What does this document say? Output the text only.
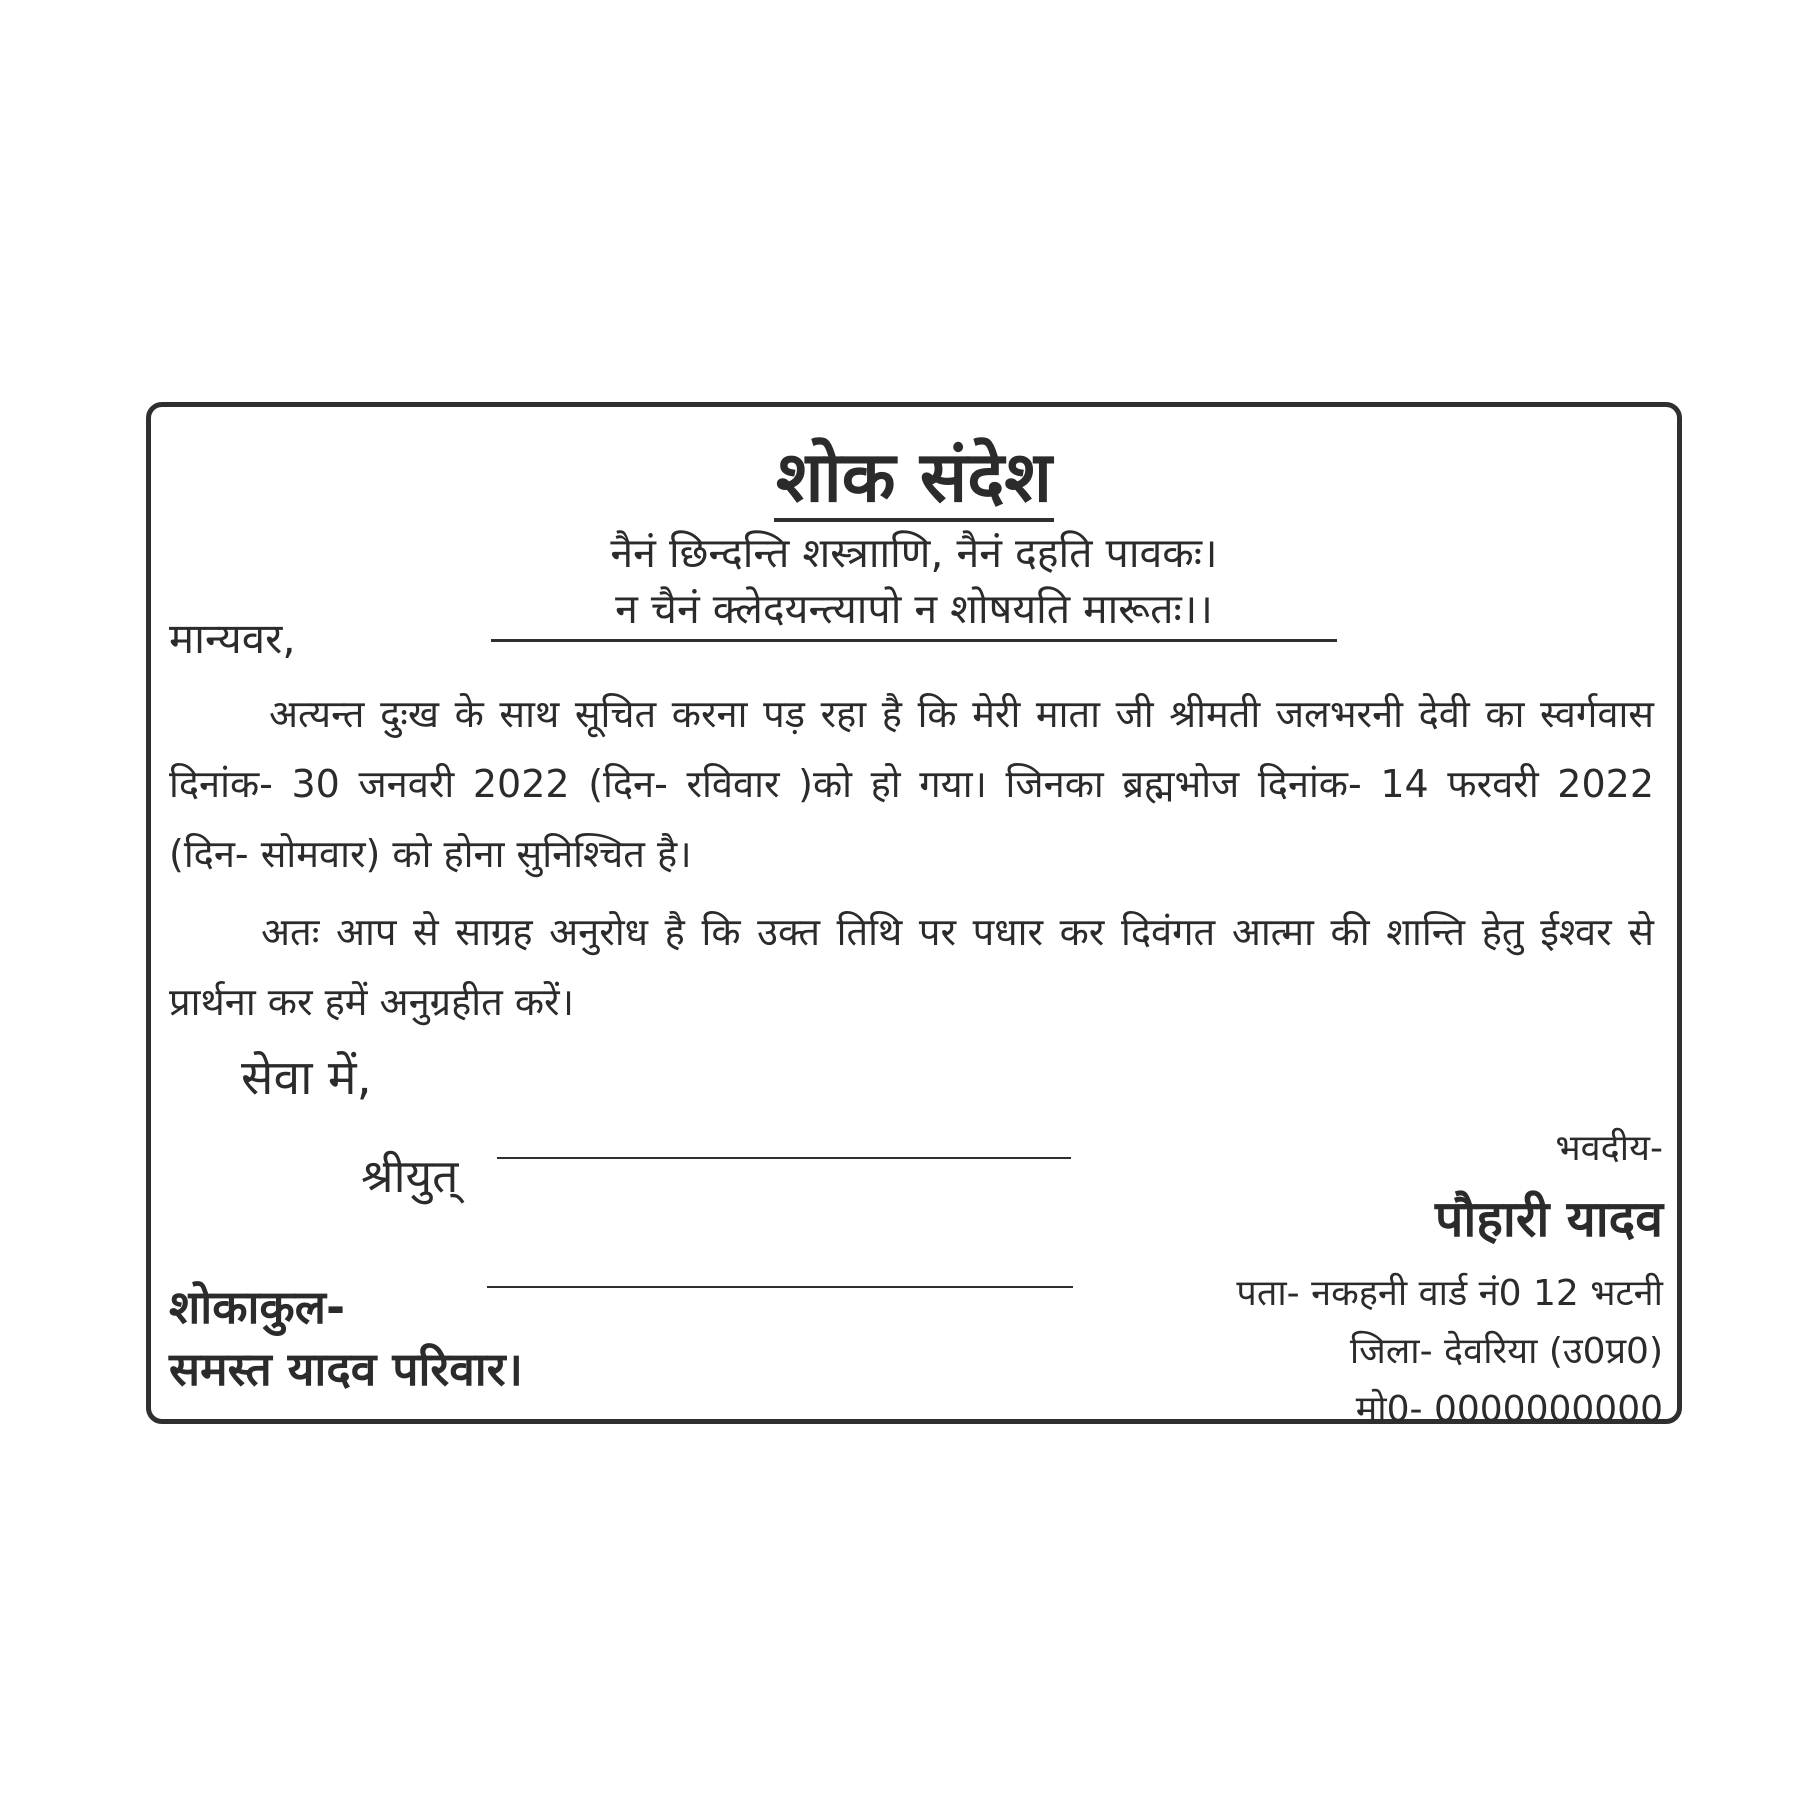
शोक संदेश
नैनं छिन्दन्ति शस्त्रााणि, नैनं दहति पावकः।
न चैनं क्लेदयन्त्यापो न शोषयति मारूतः।।
मान्यवर,
अत्यन्त दुःख के साथ सूचित करना पड़ रहा है कि मेरी माता जी श्रीमती जलभरनी देवी का स्वर्गवास दिनांक- 30 जनवरी 2022 (दिन- रविवार )को हो गया। जिनका ब्रह्मभोज दिनांक- 14 फरवरी 2022 (दिन- सोमवार) को होना सुनिश्चित है।
अतः आप से साग्रह अनुरोध है कि उक्त तिथि पर पधार कर दिवंगत आत्मा की शान्ति हेतु ईश्वर से प्रार्थना कर हमें अनुग्रहीत करें।
सेवा में,
श्रीयुत्
शोकाकुल-
समस्त यादव परिवार।
भवदीय-
पौहारी यादव
पता- नकहनी वार्ड नं0 12 भटनी
जिला- देवरिया (उ0प्र0)
मो0- 0000000000
